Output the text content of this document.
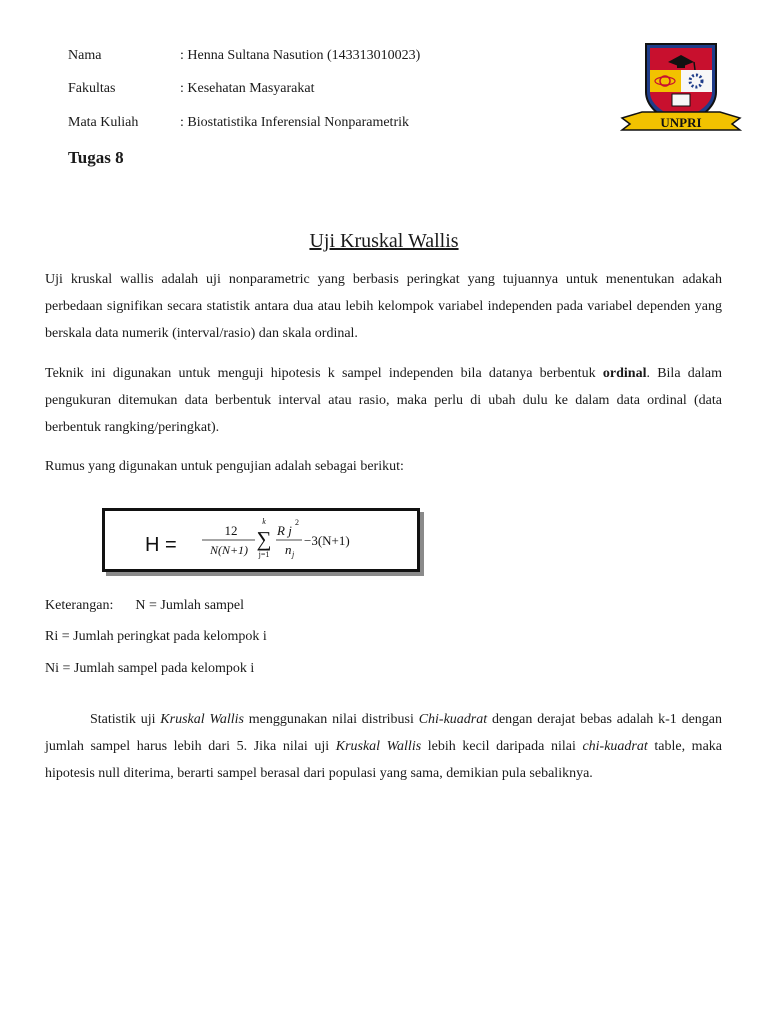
Nama	: Henna Sultana Nasution (143313010023)
Fakultas	: Kesehatan Masyarakat
Mata Kuliah	: Biostatistika Inferensial Nonparametrik
Tugas 8
UNPRI
Uji Kruskal Wallis

Uji kruskal wallis adalah uji nonparametric yang berbasis peringkat yang tujuannya untuk menentukan adakah perbedaan signifikan secara statistik antara dua atau lebih kelompok variabel independen pada variabel dependen yang berskala data numerik (interval/rasio) dan skala ordinal.

Teknik ini digunakan untuk menguji hipotesis k sampel independen bila datanya berbentuk ordinal. Bila dalam pengukuran ditemukan data berbentuk interval atau rasio, maka perlu di ubah dulu ke dalam data ordinal (data berbentuk rangking/peringkat).

Rumus yang digunakan untuk pengujian adalah sebagai berikut:

H =
12
N(N+1)
k
∑
j=1
R j
2
n j
−3(N+1)
Keterangan: N = Jumlah sampel
Ri = Jumlah peringkat pada kelompok i
Ni = Jumlah sampel pada kelompok i

Statistik uji Kruskal Wallis menggunakan nilai distribusi Chi-kuadrat dengan derajat bebas adalah k-1 dengan jumlah sampel harus lebih dari 5. Jika nilai uji Kruskal Wallis lebih kecil daripada nilai chi-kuadrat table, maka hipotesis null diterima, berarti sampel berasal dari populasi yang sama, demikian pula sebaliknya.
